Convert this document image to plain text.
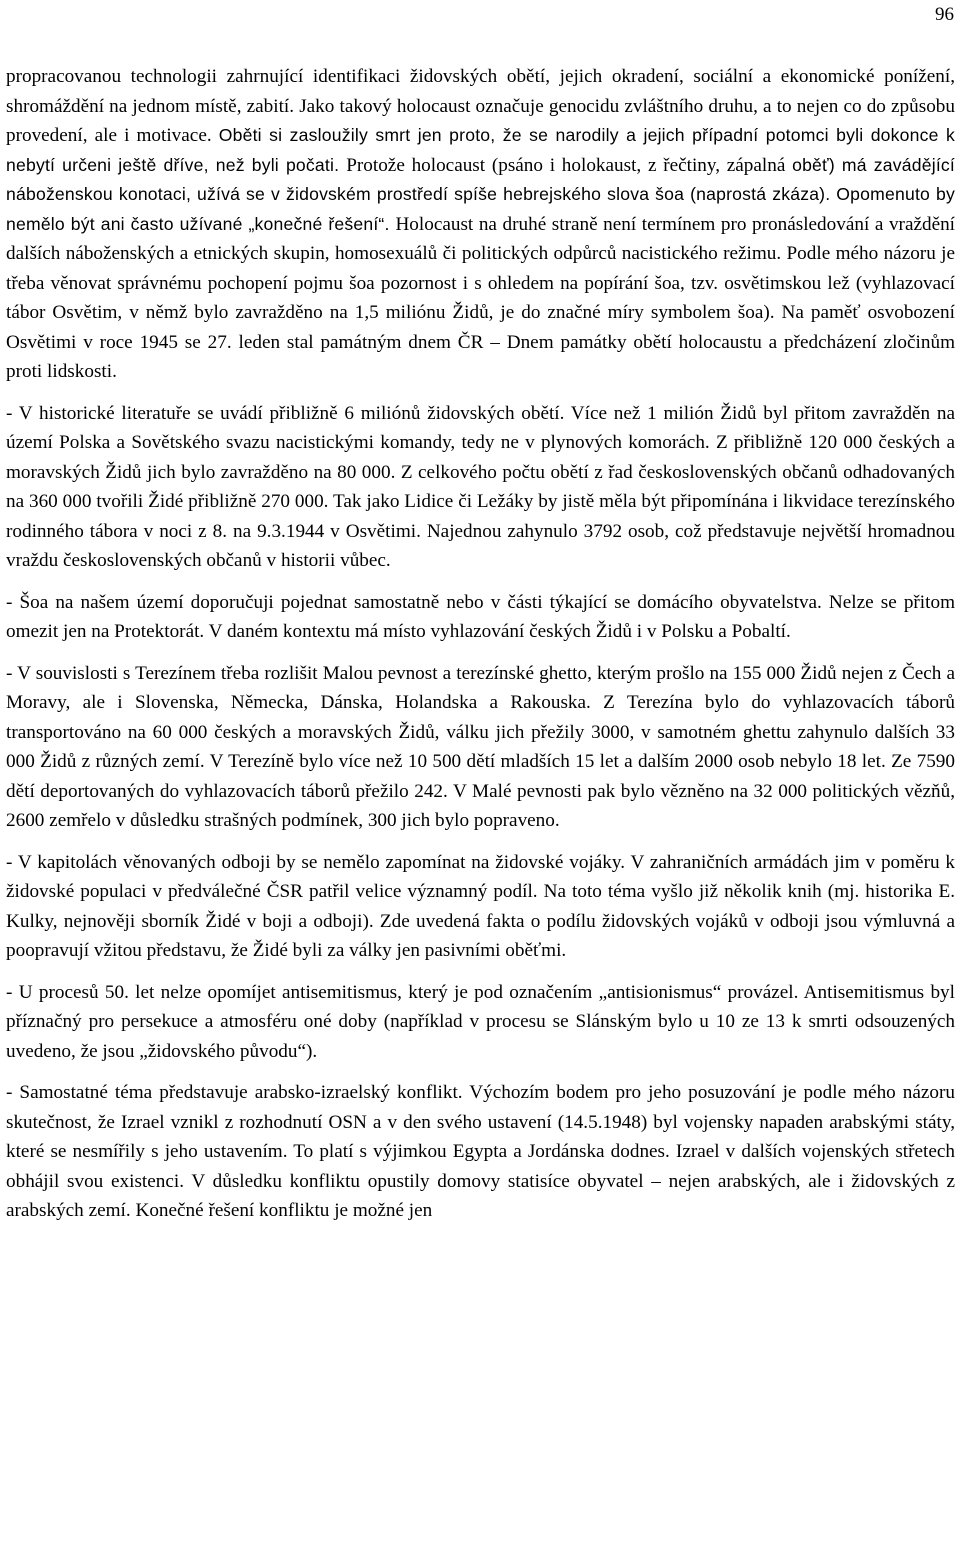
96

propracovanou technologii zahrnující identifikaci židovských obětí, jejich okradení, sociální a ekonomické ponížení, shromáždění na jednom místě, zabití. Jako takový holocaust označuje genocidu zvláštního druhu, a to nejen co do způsobu provedení, ale i motivace. Oběti si zasloužily smrt jen proto, že se narodily a jejich případní potomci byli dokonce k nebytí určeni ještě dříve, než byli počati. Protože holocaust (psáno i holokaust, z řečtiny, zápalná oběť) má zavádějící náboženskou konotaci, užívá se v židovském prostředí spíše hebrejského slova šoa (naprostá zkáza). Opomenuto by nemělo být ani často užívané „konečné řešení“. Holocaust na druhé straně není termínem pro pronásledování a vraždění dalších náboženských a etnických skupin, homosexuálů či politických odpůrců nacistického režimu. Podle mého názoru je třeba věnovat správnému pochopení pojmu šoa pozornost i s ohledem na popírání šoa, tzv. osvětimskou lež (vyhlazovací tábor Osvětim, v němž bylo zavražděno na 1,5 miliónu Židů, je do značné míry symbolem šoa). Na paměť osvobození Osvětimi v roce 1945 se 27. leden stal památným dnem ČR – Dnem památky obětí holocaustu a předcházení zločinům proti lidskosti.

- V historické literatuře se uvádí přibližně 6 miliónů židovských obětí. Více než 1 milión Židů byl přitom zavražděn na území Polska a Sovětského svazu nacistickými komandy, tedy ne v plynových komorách. Z přibližně 120 000 českých a moravských Židů jich bylo zavražděno na 80 000. Z celkového počtu obětí z řad československých občanů odhadovaných na 360 000 tvořili Židé přibližně 270 000. Tak jako Lidice či Ležáky by jistě měla být připomínána i likvidace terezínského rodinného tábora v noci z 8. na 9.3.1944 v Osvětimi. Najednou zahynulo 3792 osob, což představuje největší hromadnou vraždu československých občanů v historii vůbec.

- Šoa na našem území doporučuji pojednat samostatně nebo v části týkající se domácího obyvatelstva. Nelze se přitom omezit jen na Protektorát. V daném kontextu má místo vyhlazování českých Židů i v Polsku a Pobaltí.

- V souvislosti s Terezínem třeba rozlišit Malou pevnost a terezínské ghetto, kterým prošlo na 155 000 Židů nejen z Čech a Moravy, ale i Slovenska, Německa, Dánska, Holandska a Rakouska. Z Terezína bylo do vyhlazovacích táborů transportováno na 60 000 českých a moravských Židů, válku jich přežily 3000, v samotném ghettu zahynulo dalších 33 000 Židů z různých zemí. V Terezíně bylo více než 10 500 dětí mladších 15 let a dalším 2000 osob nebylo 18 let. Ze 7590 dětí deportovaných do vyhlazovacích táborů přežilo 242. V Malé pevnosti pak bylo vězněno na 32 000 politických vězňů, 2600 zemřelo v důsledku strašných podmínek, 300 jich bylo popraveno.

- V kapitolách věnovaných odboji by se nemělo zapomínat na židovské vojáky. V zahraničních armádách jim v poměru k židovské populaci v předválečné ČSR patřil velice významný podíl. Na toto téma vyšlo již několik knih (mj. historika E. Kulky, nejnověji sborník Židé v boji a odboji). Zde uvedená fakta o podílu židovských vojáků v odboji jsou výmluvná a poopravují vžitou představu, že Židé byli za války jen pasivními oběťmi.

- U procesů 50. let nelze opomíjet antisemitismus, který je pod označením „antisionismus“ provázel. Antisemitismus byl příznačný pro persekuce a atmosféru oné doby (například v procesu se Slánským bylo u 10 ze 13 k smrti odsouzených uvedeno, že jsou „židovského původu“).

- Samostatné téma představuje arabsko-izraelský konflikt. Výchozím bodem pro jeho posuzování je podle mého názoru skutečnost, že Izrael vznikl z rozhodnutí OSN a v den svého ustavení (14.5.1948) byl vojensky napaden arabskými státy, které se nesmířily s jeho ustavením. To platí s výjimkou Egypta a Jordánska dodnes. Izrael v dalších vojenských střetech obhájil svou existenci. V důsledku konfliktu opustily domovy statisíce obyvatel – nejen arabských, ale i židovských z arabských zemí. Konečné řešení konfliktu je možné jen
